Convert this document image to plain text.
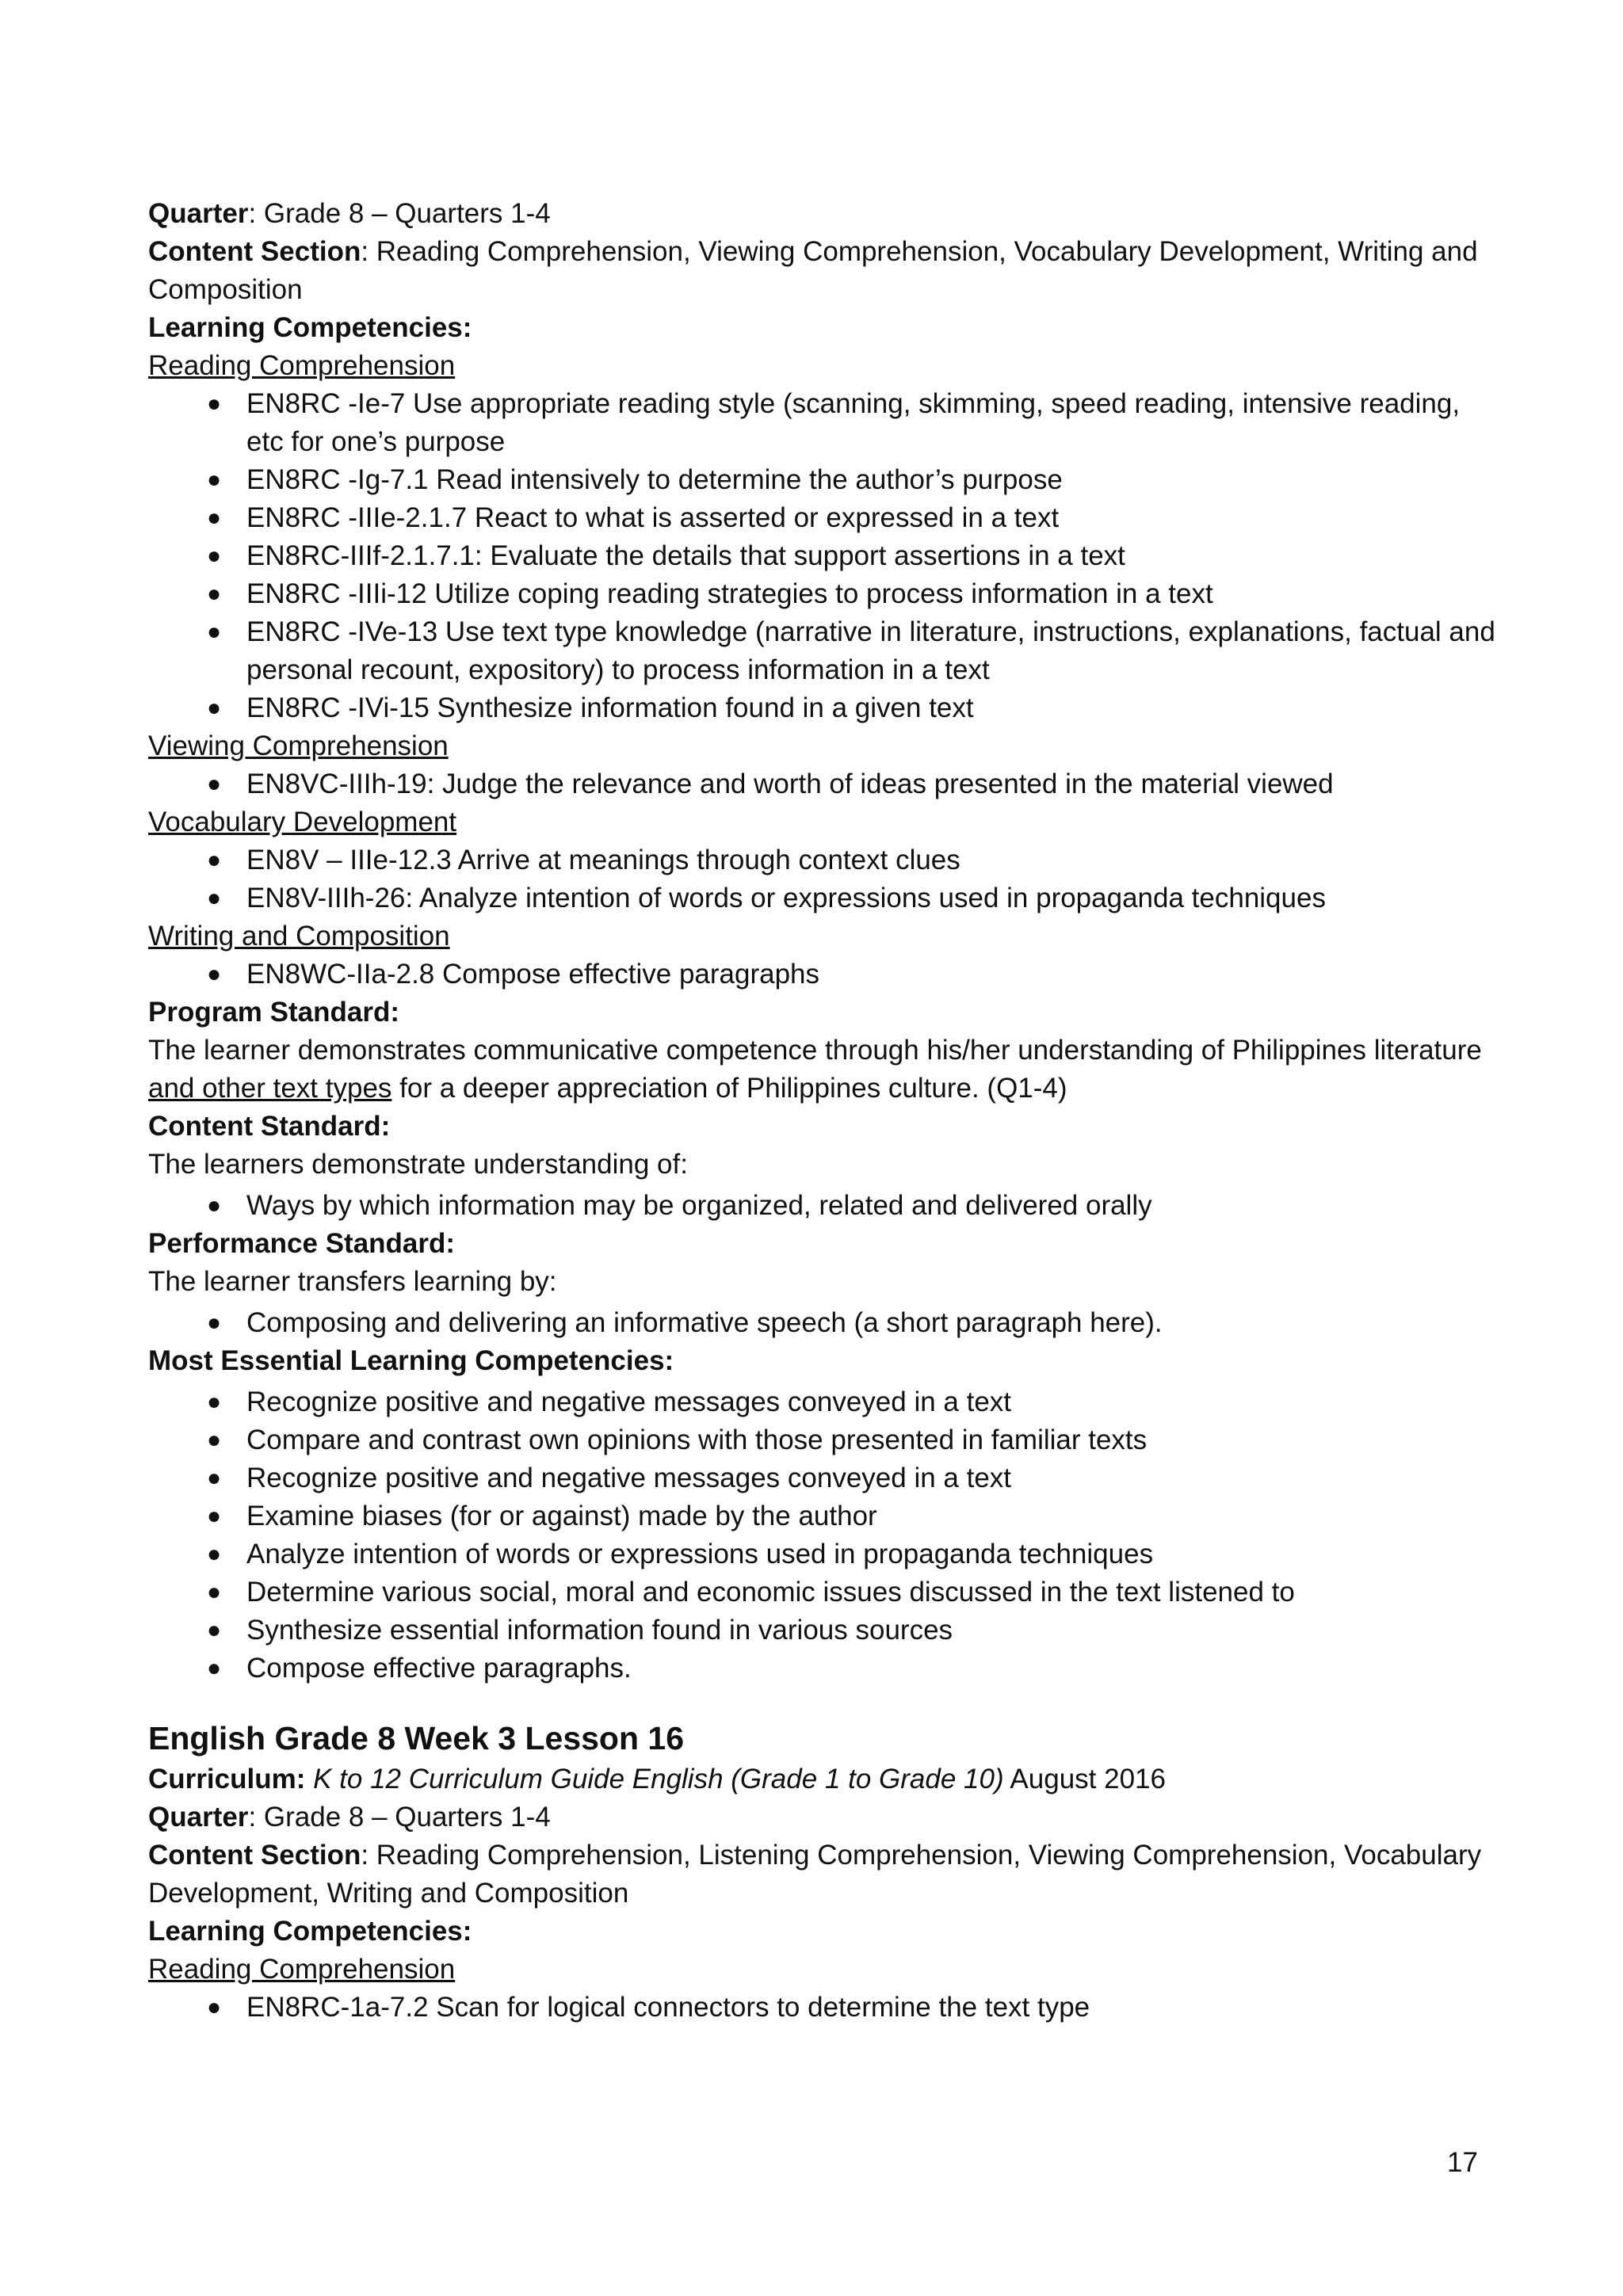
Quarter: Grade 8 – Quarters 1-4

Content Section: Reading Comprehension, Viewing Comprehension, Vocabulary Development, Writing and Composition

Learning Competencies:

Reading Comprehension

● EN8RC -Ie-7 Use appropriate reading style (scanning, skimming, speed reading, intensive reading, etc for one’s purpose
● EN8RC -Ig-7.1 Read intensively to determine the author’s purpose
● EN8RC -IIIe-2.1.7 React to what is asserted or expressed in a text
● EN8RC-IIIf-2.1.7.1: Evaluate the details that support assertions in a text
● EN8RC -IIIi-12 Utilize coping reading strategies to process information in a text
● EN8RC -IVe-13 Use text type knowledge (narrative in literature, instructions, explanations, factual and personal recount, expository) to process information in a text
● EN8RC -IVi-15 Synthesize information found in a given text

Viewing Comprehension

● EN8VC-IIIh-19: Judge the relevance and worth of ideas presented in the material viewed

Vocabulary Development

● EN8V – IIIe-12.3 Arrive at meanings through context clues
● EN8V-IIIh-26: Analyze intention of words or expressions used in propaganda techniques

Writing and Composition

● EN8WC-IIa-2.8 Compose effective paragraphs

Program Standard:

The learner demonstrates communicative competence through his/her understanding of Philippines literature and other text types for a deeper appreciation of Philippines culture. (Q1-4)

Content Standard:

The learners demonstrate understanding of:

● Ways by which information may be organized, related and delivered orally

Performance Standard:

The learner transfers learning by:

● Composing and delivering an informative speech (a short paragraph here).

Most Essential Learning Competencies:

● Recognize positive and negative messages conveyed in a text
● Compare and contrast own opinions with those presented in familiar texts
● Recognize positive and negative messages conveyed in a text
● Examine biases (for or against) made by the author
● Analyze intention of words or expressions used in propaganda techniques
● Determine various social, moral and economic issues discussed in the text listened to
● Synthesize essential information found in various sources
● Compose effective paragraphs.

English Grade 8 Week 3 Lesson 16

Curriculum: K to 12 Curriculum Guide English (Grade 1 to Grade 10) August 2016

Quarter: Grade 8 – Quarters 1-4

Content Section: Reading Comprehension, Listening Comprehension, Viewing Comprehension, Vocabulary Development, Writing and Composition

Learning Competencies:

Reading Comprehension

● EN8RC-1a-7.2 Scan for logical connectors to determine the text type
17
